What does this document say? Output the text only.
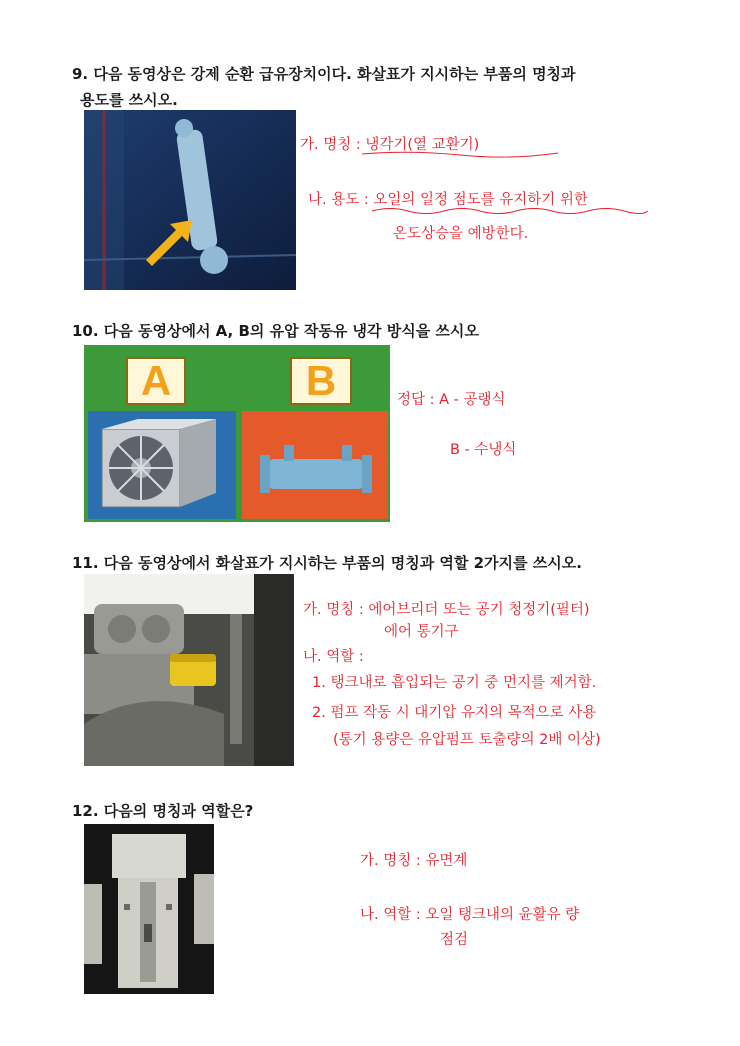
9. 다음 동영상은 강제 순환 급유장치이다. 화살표가 지시하는 부품의 명칭과
용도를 쓰시오.
가. 명칭 : 냉각기(열 교환기)
나. 용도 : 오일의 일정 점도를 유지하기 위한
온도상승을 예방한다.
10. 다음 동영상에서 A, B의 유압 작동유 냉각 방식을 쓰시오
A	B	정답 : A - 공랭식
B - 수냉식
11. 다음 동영상에서 화살표가 지시하는 부품의 명칭과 역할 2가지를 쓰시오.
가. 명칭 : 에어브리더 또는 공기 청정기(필터)
에어 통기구
나. 역할 :
1. 탱크내로 흡입되는 공기 중 먼지를 제거함.
2. 펌프 작동 시 대기압 유지의 목적으로 사용
(통기 용량은 유압펌프 토출량의 2배 이상)
12. 다음의 명칭과 역할은?
가. 명칭 : 유면계
나. 역할 : 오일 탱크내의 윤활유 량
점검
